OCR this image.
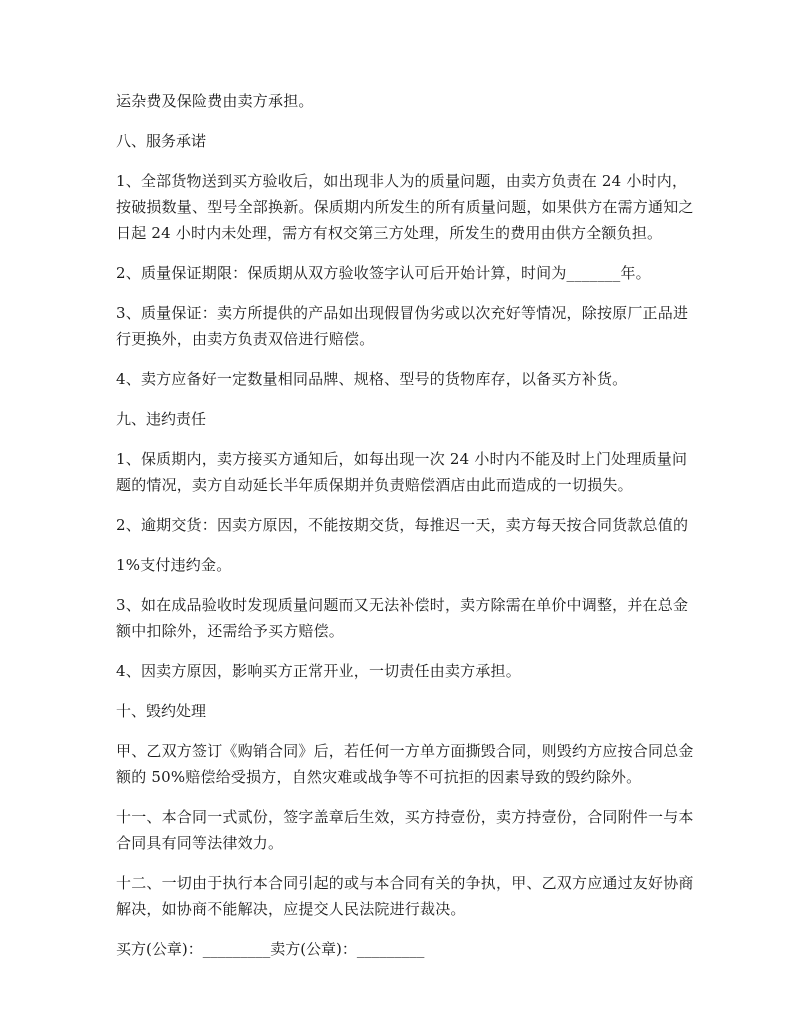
运杂费及保险费由卖方承担。

八、服务承诺

1、全部货物送到买方验收后，如出现非人为的质量问题，由卖方负责在 24 小时内，按破损数量、型号全部换新。保质期内所发生的所有质量问题，如果供方在需方通知之日起 24 小时内未处理，需方有权交第三方处理，所发生的费用由供方全额负担。

2、质量保证期限：保质期从双方验收签字认可后开始计算，时间为_______年。

3、质量保证：卖方所提供的产品如出现假冒伪劣或以次充好等情况，除按原厂正品进行更换外，由卖方负责双倍进行赔偿。

4、卖方应备好一定数量相同品牌、规格、型号的货物库存，以备买方补货。

九、违约责任

1、保质期内，卖方接买方通知后，如每出现一次 24 小时内不能及时上门处理质量问题的情况，卖方自动延长半年质保期并负责赔偿酒店由此而造成的一切损失。

2、逾期交货：因卖方原因，不能按期交货，每推迟一天，卖方每天按合同货款总值的

1%支付违约金。

3、如在成品验收时发现质量问题而又无法补偿时，卖方除需在单价中调整，并在总金额中扣除外，还需给予买方赔偿。

4、因卖方原因，影响买方正常开业，一切责任由卖方承担。

十、毁约处理

甲、乙双方签订《购销合同》后，若任何一方单方面撕毁合同，则毁约方应按合同总金额的 50%赔偿给受损方，自然灾难或战争等不可抗拒的因素导致的毁约除外。

十一、本合同一式贰份，签字盖章后生效，买方持壹份，卖方持壹份，合同附件一与本合同具有同等法律效力。

十二、一切由于执行本合同引起的或与本合同有关的争执，甲、乙双方应通过友好协商解决，如协商不能解决，应提交人民法院进行裁决。

买方(公章)：_________卖方(公章)：_________
